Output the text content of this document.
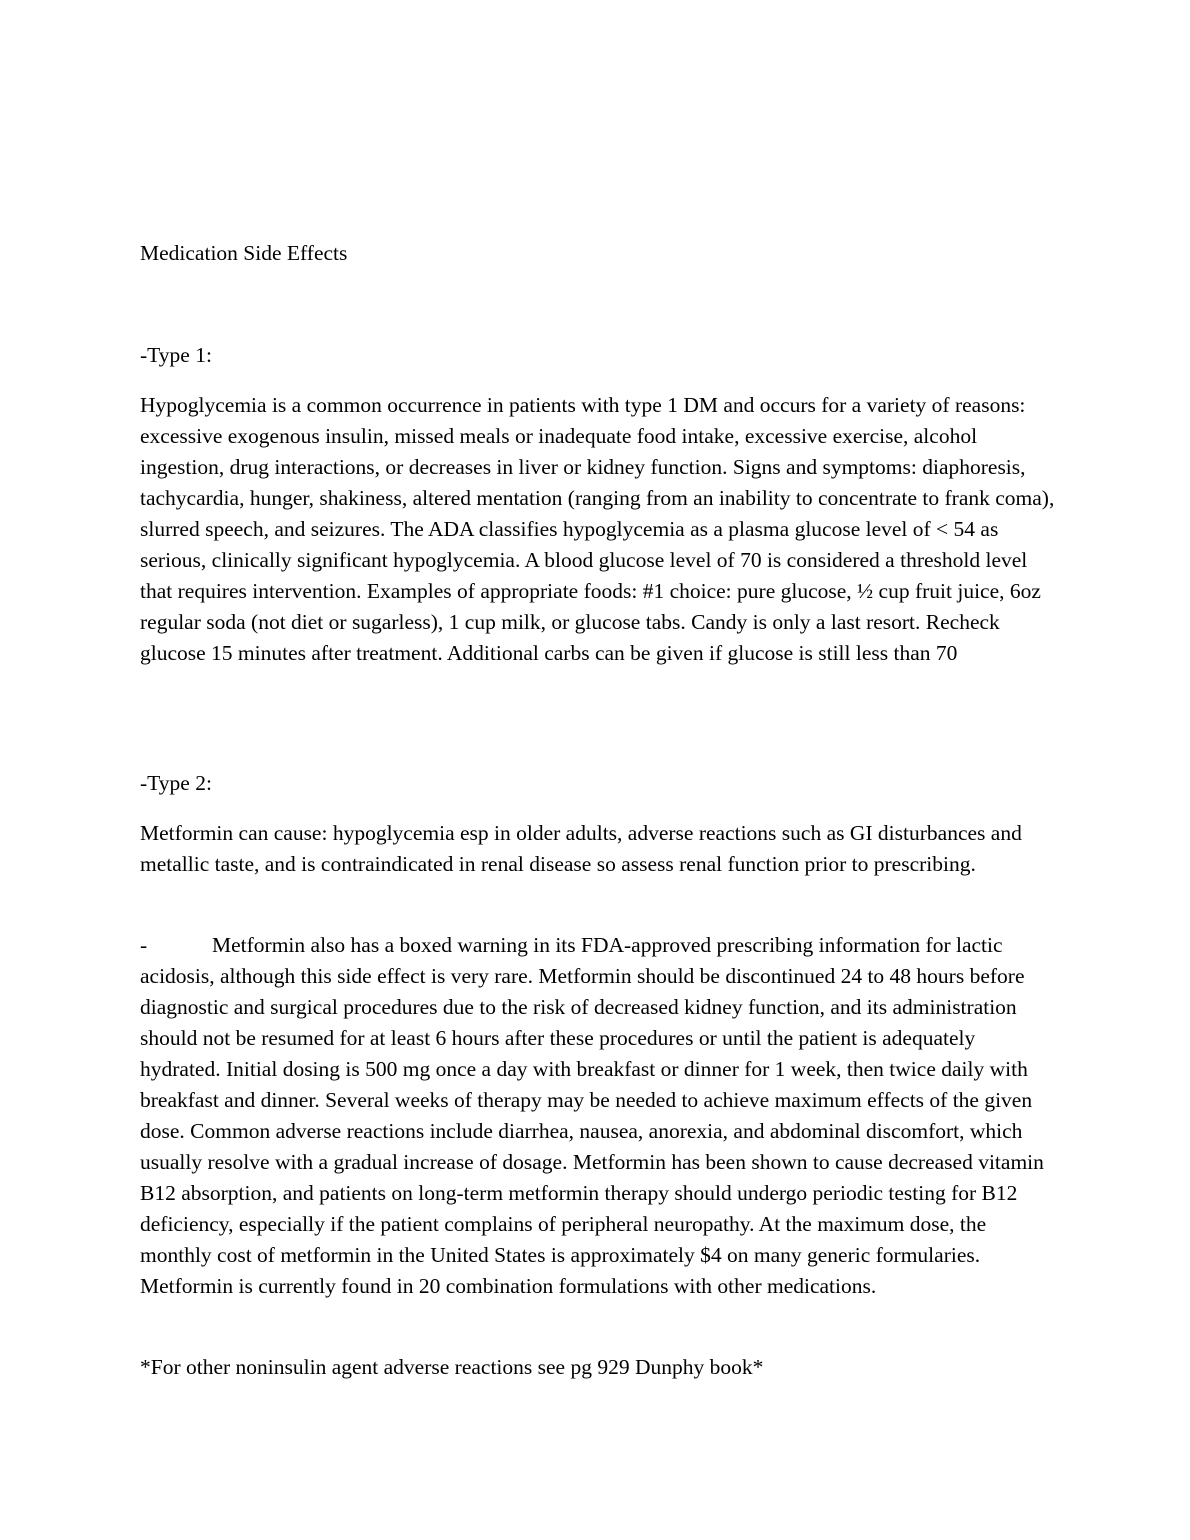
Medication Side Effects

-Type 1:

Hypoglycemia is a common occurrence in patients with type 1 DM and occurs for a variety of reasons: excessive exogenous insulin, missed meals or inadequate food intake, excessive exercise, alcohol ingestion, drug interactions, or decreases in liver or kidney function. Signs and symptoms: diaphoresis, tachycardia, hunger, shakiness, altered mentation (ranging from an inability to concentrate to frank coma), slurred speech, and seizures. The ADA classifies hypoglycemia as a plasma glucose level of < 54 as serious, clinically significant hypoglycemia. A blood glucose level of 70 is considered a threshold level that requires intervention. Examples of appropriate foods: #1 choice: pure glucose, ½ cup fruit juice, 6oz regular soda (not diet or sugarless), 1 cup milk, or glucose tabs. Candy is only a last resort. Recheck glucose 15 minutes after treatment. Additional carbs can be given if glucose is still less than 70

-Type 2:

Metformin can cause: hypoglycemia esp in older adults, adverse reactions such as GI disturbances and metallic taste, and is contraindicated in renal disease so assess renal function prior to prescribing.

-	Metformin also has a boxed warning in its FDA-approved prescribing information for lactic acidosis, although this side effect is very rare. Metformin should be discontinued 24 to 48 hours before diagnostic and surgical procedures due to the risk of decreased kidney function, and its administration should not be resumed for at least 6 hours after these procedures or until the patient is adequately hydrated. Initial dosing is 500 mg once a day with breakfast or dinner for 1 week, then twice daily with breakfast and dinner. Several weeks of therapy may be needed to achieve maximum effects of the given dose. Common adverse reactions include diarrhea, nausea, anorexia, and abdominal discomfort, which usually resolve with a gradual increase of dosage. Metformin has been shown to cause decreased vitamin B12 absorption, and patients on long-term metformin therapy should undergo periodic testing for B12 deficiency, especially if the patient complains of peripheral neuropathy. At the maximum dose, the monthly cost of metformin in the United States is approximately $4 on many generic formularies. Metformin is currently found in 20 combination formulations with other medications.

*For other noninsulin agent adverse reactions see pg 929 Dunphy book*
